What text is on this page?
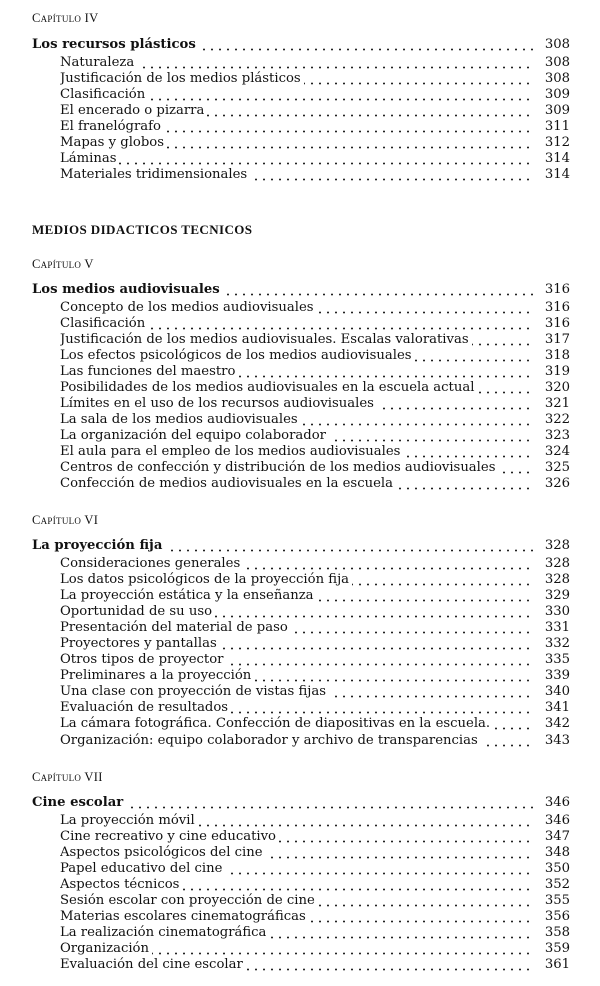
Capítulo IV
Los recursos plásticos	308
Naturaleza	308
Justificación de los medios plásticos	308
Clasificación	309
El encerado o pizarra	309
El franelógrafo	311
Mapas y globos	312
Láminas	314
Materiales tridimensionales	314
MEDIOS DIDACTICOS TECNICOS
Capítulo V
Los medios audiovisuales	316
Concepto de los medios audiovisuales	316
Clasificación	316
Justificación de los medios audiovisuales. Escalas valorativas	317
Los efectos psicológicos de los medios audiovisuales	318
Las funciones del maestro	319
Posibilidades de los medios audiovisuales en la escuela actual	320
Límites en el uso de los recursos audiovisuales	321
La sala de los medios audiovisuales	322
La organización del equipo colaborador	323
El aula para el empleo de los medios audiovisuales	324
Centros de confección y distribución de los medios audiovisuales	325
Confección de medios audiovisuales en la escuela	326
Capítulo VI
La proyección fija	328
Consideraciones generales	328
Los datos psicológicos de la proyección fija	328
La proyección estática y la enseñanza	329
Oportunidad de su uso	330
Presentación del material de paso	331
Proyectores y pantallas	332
Otros tipos de proyector	335
Preliminares a la proyección	339
Una clase con proyección de vistas fijas	340
Evaluación de resultados	341
La cámara fotográfica. Confección de diapositivas en la escuela.	342
Organización: equipo colaborador y archivo de transparencias	343
Capítulo VII
Cine escolar	346
La proyección móvil	346
Cine recreativo y cine educativo	347
Aspectos psicológicos del cine	348
Papel educativo del cine	350
Aspectos técnicos	352
Sesión escolar con proyección de cine	355
Materias escolares cinematográficas	356
La realización cinematográfica	358
Organización	359
Evaluación del cine escolar	361
